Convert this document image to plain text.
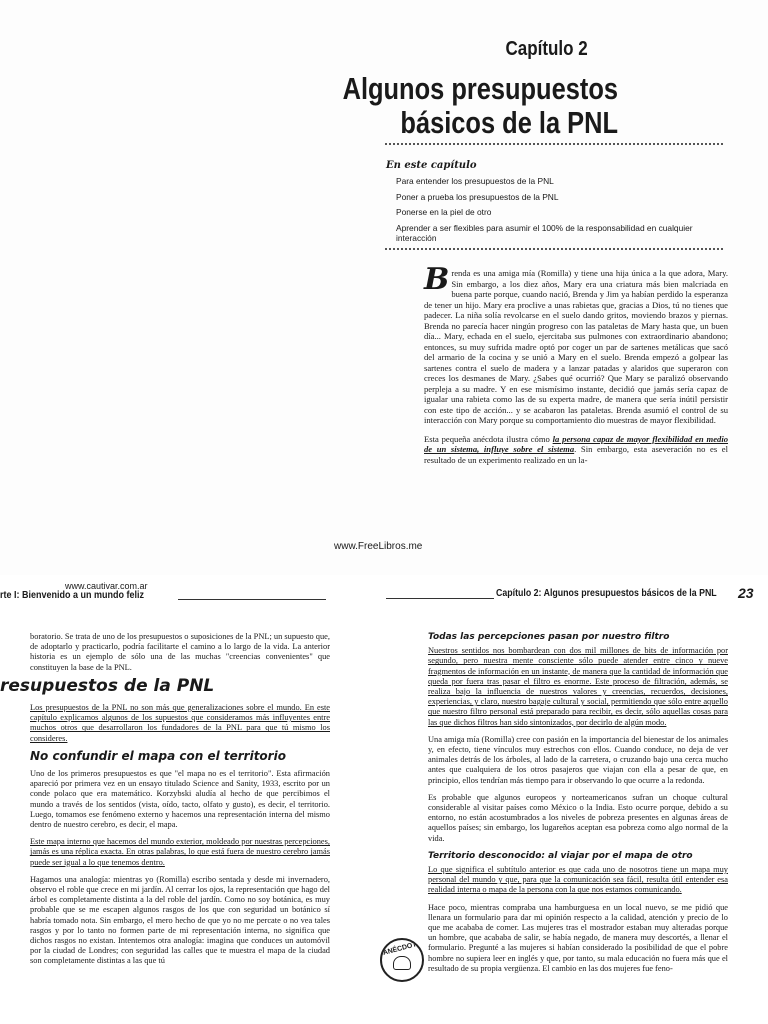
Capítulo 2
Algunos presupuestos básicos de la PNL
En este capítulo
Para entender los presupuestos de la PNL
Poner a prueba los presupuestos de la PNL
Ponerse en la piel de otro
Aprender a ser flexibles para asumir el 100% de la responsabilidad en cualquier interacción

Brenda es una amiga mía (Romilla) y tiene una hija única a la que adora, Mary. Sin embargo, a los diez años, Mary era una criatura más bien malcriada en buena parte porque, cuando nació, Brenda y Jim ya habían perdido la esperanza de tener un hijo. Mary era proclive a unas rabietas que, gracias a Dios, tú no tienes que padecer. La niña solía revolcarse en el suelo dando gritos, moviendo brazos y piernas. Brenda no parecía hacer ningún progreso con las pataletas de Mary hasta que, un buen día... Mary, echada en el suelo, ejercitaba sus pulmones con extraordinario abandono; entonces, su muy sufrida madre optó por coger un par de sartenes metálicas que sacó del armario de la cocina y se unió a Mary en el suelo. Brenda empezó a golpear las sartenes contra el suelo de madera y a lanzar patadas y alaridos que superaron con creces los desmanes de Mary. ¿Sabes qué ocurrió? Que Mary se paralizó observando perpleja a su madre. Y en ese mismísimo instante, decidió que jamás sería capaz de igualar una rabieta como las de su experta madre, de manera que sería inútil persistir con este tipo de acción... y se acabaron las pataletas. Brenda asumió el control de su interacción con Mary porque su comportamiento dio muestras de mayor flexibilidad.

Esta pequeña anécdota ilustra cómo la persona capaz de mayor flexibilidad en medio de un sistema, influye sobre el sistema. Sin embargo, esta aseveración no es el resultado de un experimento realizado en un la-

www.FreeLibros.me
www.cautivar.com.ar
rte I: Bienvenido a un mundo feliz	Capítulo 2: Algunos presupuestos básicos de la PNL 23

boratorio. Se trata de uno de los presupuestos o suposiciones de la PNL; un supuesto que, de adoptarlo y practicarlo, podría facilitarte el camino a lo largo de la vida. La anterior historia es un ejemplo de sólo una de las muchas "creencias convenientes" que constituyen la base de la PNL.

resupuestos de la PNL

Los presupuestos de la PNL no son más que generalizaciones sobre el mundo. En este capítulo explicamos algunos de los supuestos que consideramos más influyentes entre muchos otros que desarrollaron los fundadores de la PNL para que tú mismo los consideres.

No confundir el mapa con el territorio

Uno de los primeros presupuestos es que "el mapa no es el territorio". Esta afirmación apareció por primera vez en un ensayo titulado Science and Sanity, 1933, escrito por un conde polaco que era matemático. Korzybski aludía al hecho de que percibimos el mundo a través de los sentidos (vista, oído, tacto, olfato y gusto), es decir, el territorio. Luego, tomamos ese fenómeno externo y hacemos una representación interna del mismo dentro de nuestro cerebro, es decir, el mapa.

Este mapa interno que hacemos del mundo exterior, moldeado por nuestras percepciones, jamás es una réplica exacta. En otras palabras, lo que está fuera de nuestro cerebro jamás puede ser igual a lo que tenemos dentro.

Hagamos una analogía: mientras yo (Romilla) escribo sentada y desde mi invernadero, observo el roble que crece en mi jardín. Al cerrar los ojos, la representación que hago del árbol es completamente distinta a la del roble del jardín. Como no soy botánica, es muy probable que se me escapen algunos rasgos de los que con seguridad un botánico sí habría tomado nota. Sin embargo, el mero hecho de que yo no me percate o no vea tales rasgos y por lo tanto no formen parte de mi representación interna, no significa que dichos rasgos no existan. Intentemos otra analogía: imagina que conduces un automóvil por la ciudad de Londres; con seguridad las calles que te muestra el mapa de la ciudad son completamente distintas a las que tú

Todas las percepciones pasan por nuestro filtro

Nuestros sentidos nos bombardean con dos mil millones de bits de información por segundo, pero nuestra mente consciente sólo puede atender entre cinco y nueve fragmentos de información en un instante, de manera que la cantidad de información que queda por fuera tras pasar el filtro es enorme. Este proceso de filtración, además, se realiza bajo la influencia de nuestros valores y creencias, recuerdos, decisiones, experiencias, y claro, nuestro bagaje cultural y social, permitiendo que sólo entre aquello que nuestro filtro personal está preparado para recibir, es decir, sólo aquellas cosas para las que dichos filtros han sido sintonizados, por decirlo de algún modo.

Una amiga mía (Romilla) cree con pasión en la importancia del bienestar de los animales y, en efecto, tiene vínculos muy estrechos con ellos. Cuando conduce, no deja de ver animales detrás de los árboles, al lado de la carretera, o cruzando bajo una cerca mucho antes que cualquiera de los otros pasajeros que viajan con ella a pesar de que, en principio, ellos tendrían más tiempo para ir observando lo que ocurre a la redonda.

Es probable que algunos europeos y norteamericanos sufran un choque cultural considerable al visitar países como México o la India. Esto ocurre porque, debido a su entorno, no están acostumbrados a los niveles de pobreza presentes en algunas áreas de aquellos países; sin embargo, los lugareños aceptan esa pobreza como algo normal de la vida.

Territorio desconocido: al viajar por el mapa de otro

Lo que significa el subtítulo anterior es que cada uno de nosotros tiene un mapa muy personal del mundo y que, para que la comunicación sea fácil, resulta útil entender esa realidad interna o mapa de la persona con la que nos estamos comunicando.

Hace poco, mientras compraba una hamburguesa en un local nuevo, se me pidió que llenara un formulario para dar mi opinión respecto a la calidad, atención y precio de lo que me acababa de comer. Las mujeres tras el mostrador estaban muy alteradas porque un hombre, que acababa de salir, se había negado, de manera muy descortés, a llenar el formulario. Pregunté a las mujeres si habían considerado la posibilidad de que el pobre hombre no supiera leer en inglés y que, por tanto, su mala educación no fuera más que el resultado de su propia vergüenza. El cambio en las dos mujeres fue feno-

ANÉCDOTA
